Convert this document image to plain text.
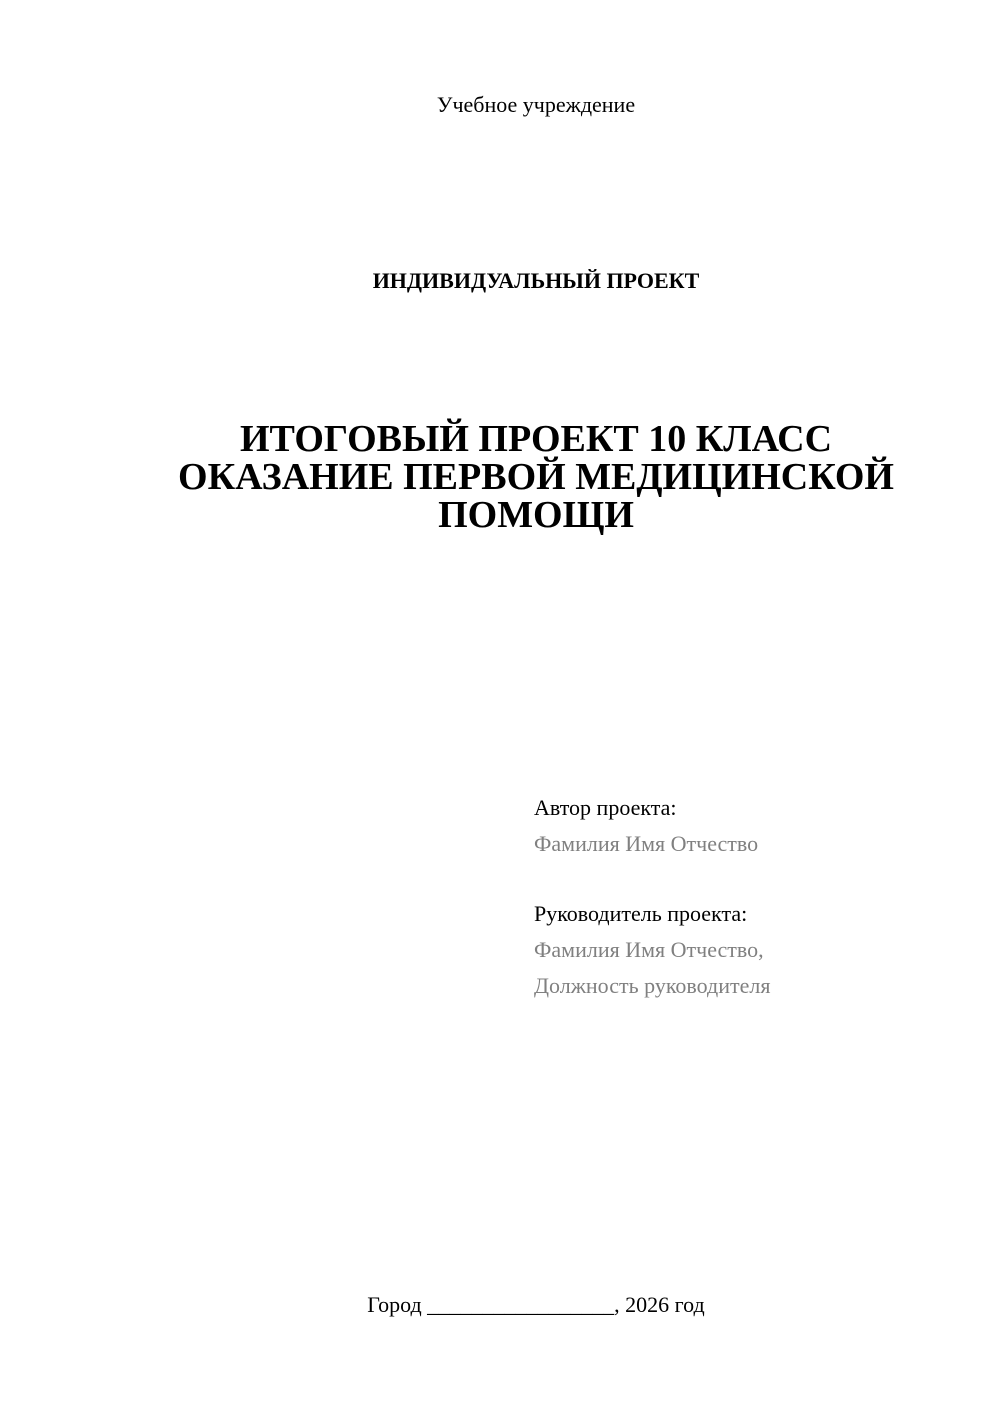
Учебное учреждение
ИНДИВИДУАЛЬНЫЙ ПРОЕКТ
ИТОГОВЫЙ ПРОЕКТ 10 КЛАСС
ОКАЗАНИЕ ПЕРВОЙ МЕДИЦИНСКОЙ
ПОМОЩИ
Автор проекта:
Фамилия Имя Отчество
Руководитель проекта:
Фамилия Имя Отчество,
Должность руководителя
Город _________________, 2026 год
